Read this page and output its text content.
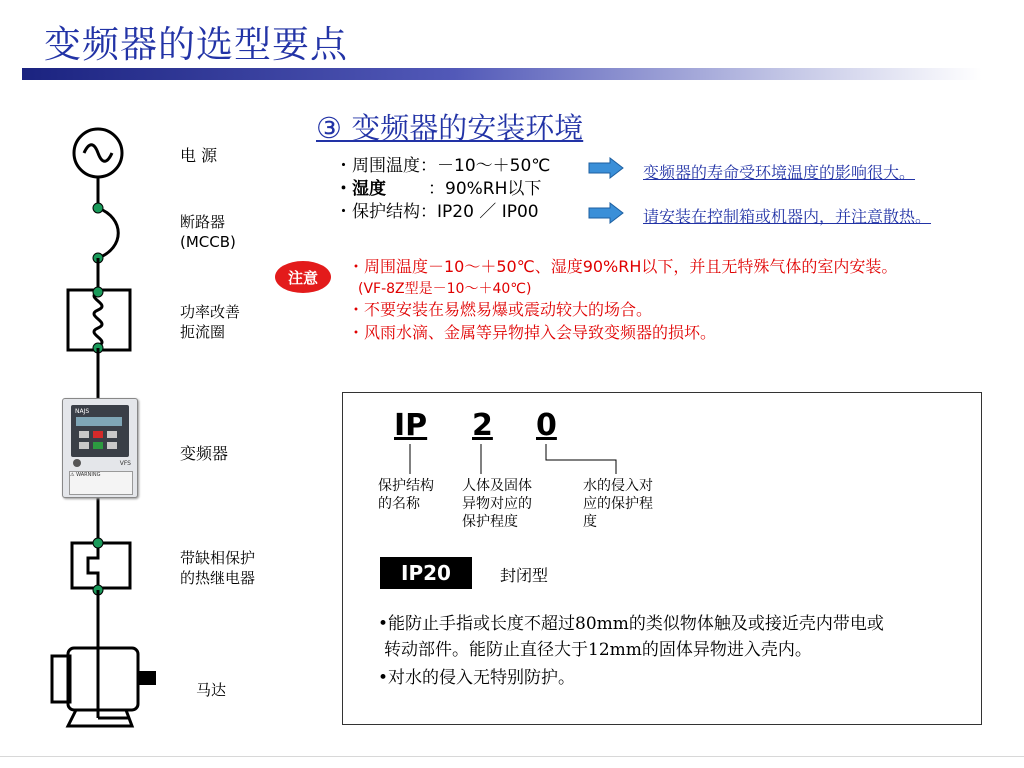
变频器的选型要点
③ 变频器的安装环境
NAJS
VFS
⚠ WARNING
电 源
断路器
(MCCB)
功率改善
扼流圈
变频器
带缺相保护
的热继电器
马达
・周围温度：－10～＋50℃
・湿度 ：90%RH以下
・保护结构：IP20 ／ IP00
变频器的寿命受环境温度的影响很大。
请安装在控制箱或机器内，并注意散热。
注意
・周围温度－10～＋50℃、湿度90%RH以下，并且无特殊气体的室内安装。
(VF-8Z型是－10～＋40℃)
・不要安装在易燃易爆或震动较大的场合。
・风雨水滴、金属等异物掉入会导致变频器的损坏。
IP 2 0
保护结构
的名称
人体及固体
异物对应的
保护程度
水的侵入对
应的保护程
度
IP20	封闭型
•能防止手指或长度不超过80mm的类似物体触及或接近壳内带电或
转动部件。能防止直径大于12mm的固体异物进入壳内。
•对水的侵入无特别防护。
